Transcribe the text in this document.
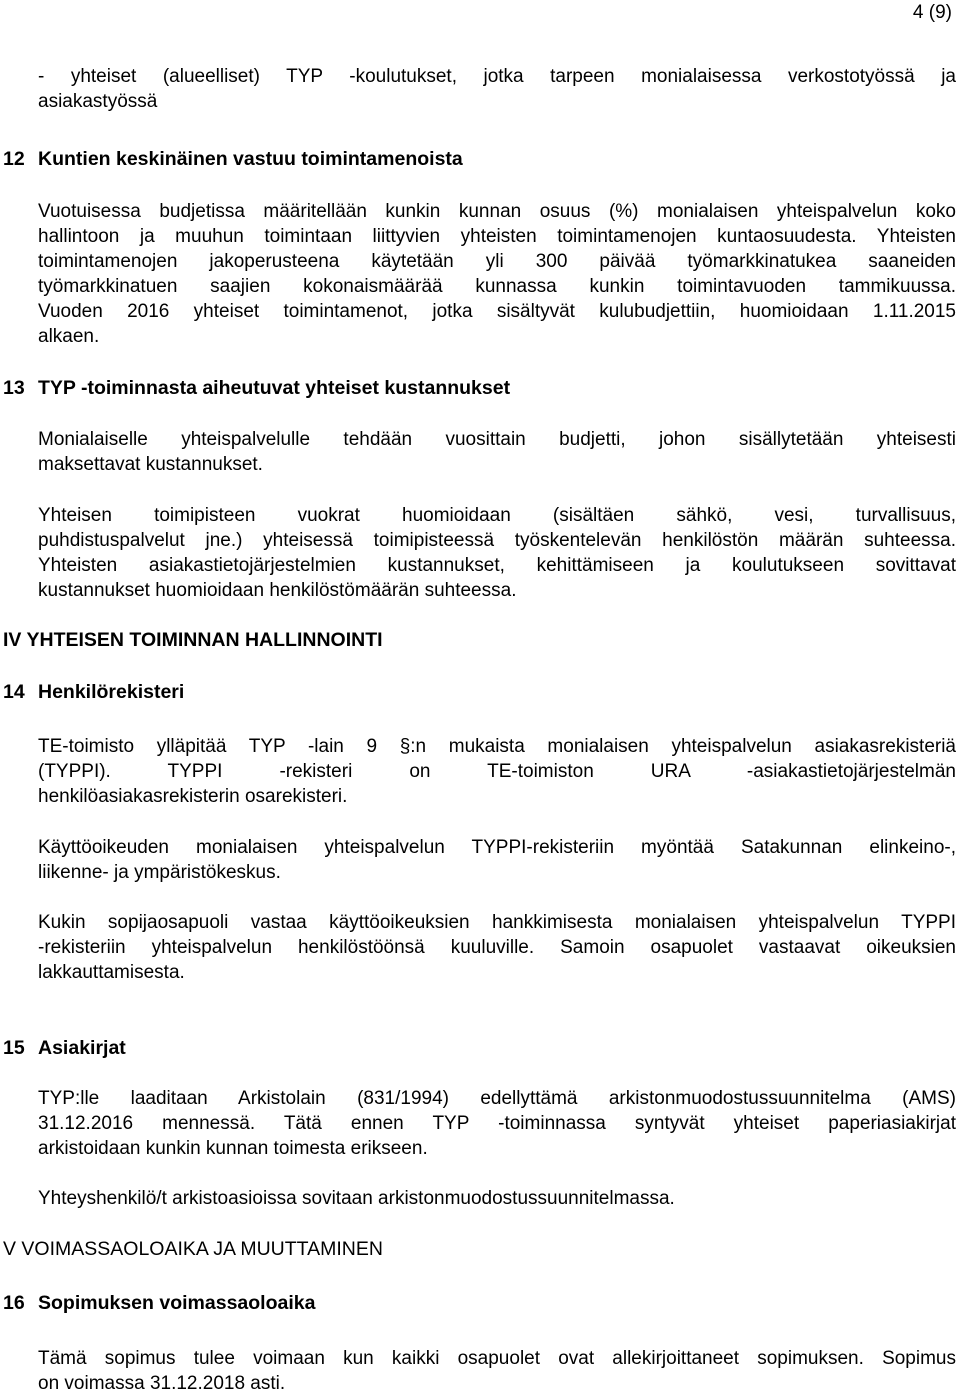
4 (9)
- yhteiset (alueelliset) TYP -koulutukset, jotka tarpeen monialaisessa verkostotyössä ja
asiakastyössä
12 Kuntien keskinäinen vastuu toimintamenoista
Vuotuisessa budjetissa määritellään kunkin kunnan osuus (%) monialaisen yhteispalvelun koko
hallintoon ja muuhun toimintaan liittyvien yhteisten toimintamenojen kuntaosuudesta. Yhteisten
toimintamenojen jakoperusteena käytetään yli 300 päivää työmarkkinatukea saaneiden
työmarkkinatuen saajien kokonaismäärää kunnassa kunkin toimintavuoden tammikuussa.
Vuoden 2016 yhteiset toimintamenot, jotka sisältyvät kulubudjettiin, huomioidaan 1.11.2015
alkaen.
13 TYP -toiminnasta aiheutuvat yhteiset kustannukset
Monialaiselle yhteispalvelulle tehdään vuosittain budjetti, johon sisällytetään yhteisesti
maksettavat kustannukset.
Yhteisen toimipisteen vuokrat huomioidaan (sisältäen sähkö, vesi, turvallisuus,
puhdistuspalvelut jne.) yhteisessä toimipisteessä työskentelevän henkilöstön määrän suhteessa.
Yhteisten asiakastietojärjestelmien kustannukset, kehittämiseen ja koulutukseen sovittavat
kustannukset huomioidaan henkilöstömäärän suhteessa.
IV YHTEISEN TOIMINNAN HALLINNOINTI
14 Henkilörekisteri
TE-toimisto ylläpitää TYP -lain 9 §:n mukaista monialaisen yhteispalvelun asiakasrekisteriä
(TYPPI). TYPPI -rekisteri on TE-toimiston URA -asiakastietojärjestelmän
henkilöasiakasrekisterin osarekisteri.
Käyttöoikeuden monialaisen yhteispalvelun TYPPI-rekisteriin myöntää Satakunnan elinkeino-,
liikenne- ja ympäristökeskus.
Kukin sopijaosapuoli vastaa käyttöoikeuksien hankkimisesta monialaisen yhteispalvelun TYPPI
-rekisteriin yhteispalvelun henkilöstöönsä kuuluville. Samoin osapuolet vastaavat oikeuksien
lakkauttamisesta.
15 Asiakirjat
TYP:lle laaditaan Arkistolain (831/1994) edellyttämä arkistonmuodostussuunnitelma (AMS)
31.12.2016 mennessä. Tätä ennen TYP -toiminnassa syntyvät yhteiset paperiasiakirjat
arkistoidaan kunkin kunnan toimesta erikseen.
Yhteyshenkilö/t arkistoasioissa sovitaan arkistonmuodostussuunnitelmassa.
V VOIMASSAOLOAIKA JA MUUTTAMINEN
16 Sopimuksen voimassaoloaika
Tämä sopimus tulee voimaan kun kaikki osapuolet ovat allekirjoittaneet sopimuksen. Sopimus
on voimassa 31.12.2018 asti.
